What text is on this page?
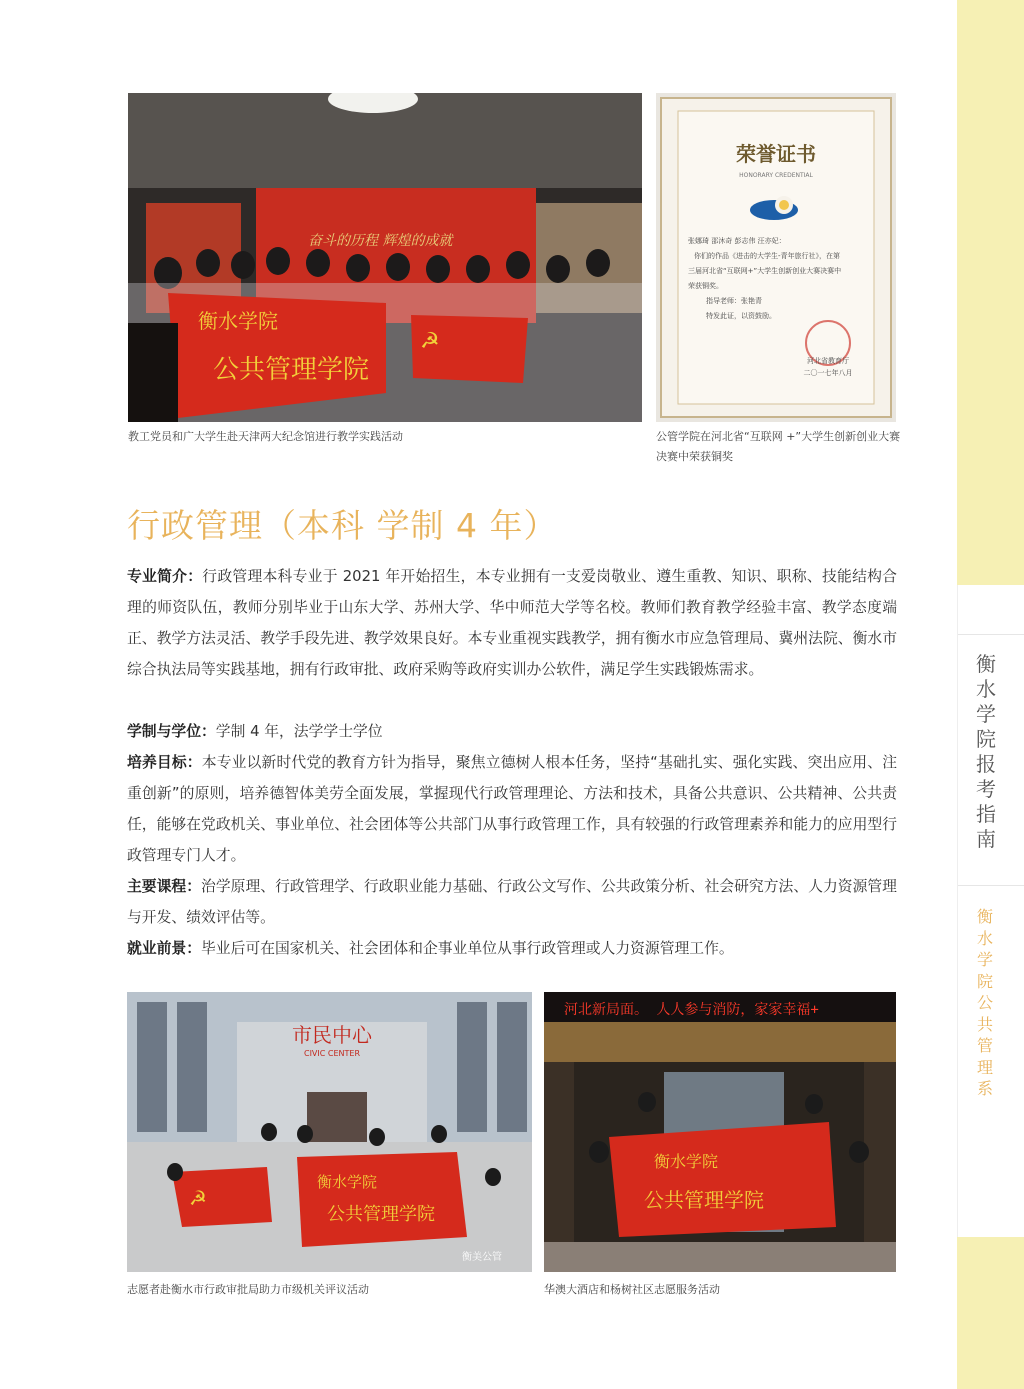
衡水学院 报考指南
衡水学院公共管理系
奋斗的历程 辉煌的成就
衡水学院
公共管理学院
☭
教工党员和广大学生赴天津两大纪念馆进行教学实践活动
荣誉证书
HONORARY CREDENTIAL
张娜琦 邵沐奇 彭志伟 汪亦妃：
你们的作品《进击的大学生-青年旅行社》，在第
三届河北省“互联网+”大学生创新创业大赛决赛中
荣获铜奖。
指导老师：张艳青
特发此证，以资鼓励。
河北省教育厅
二〇一七年八月
公管学院在河北省“互联网 +”大学生创新创业大赛决赛中荣获铜奖
行政管理（本科 学制 4 年）
专业简介：行政管理本科专业于 2021 年开始招生，本专业拥有一支爱岗敬业、遵生重教、知识、职称、技能结构合理的师资队伍，教师分别毕业于山东大学、苏州大学、华中师范大学等名校。教师们教育教学经验丰富、教学态度端正、教学方法灵活、教学手段先进、教学效果良好。本专业重视实践教学，拥有衡水市应急管理局、冀州法院、衡水市综合执法局等实践基地，拥有行政审批、政府采购等政府实训办公软件，满足学生实践锻炼需求。
学制与学位：学制 4 年，法学学士学位
培养目标：本专业以新时代党的教育方针为指导，聚焦立德树人根本任务，坚持“基础扎实、强化实践、突出应用、注重创新”的原则，培养德智体美劳全面发展，掌握现代行政管理理论、方法和技术，具备公共意识、公共精神、公共责任，能够在党政机关、事业单位、社会团体等公共部门从事行政管理工作，具有较强的行政管理素养和能力的应用型行政管理专门人才。
主要课程：治学原理、行政管理学、行政职业能力基础、行政公文写作、公共政策分析、社会研究方法、人力资源管理与开发、绩效评估等。
就业前景：毕业后可在国家机关、社会团体和企事业单位从事行政管理或人力资源管理工作。
市民中心
CIVIC CENTER
☭
衡水学院
公共管理学院
衡美公管
志愿者赴衡水市行政审批局助力市级机关评议活动
河北新局面。 人人参与消防，家家幸福+
衡水学院
公共管理学院
华澳大酒店和杨树社区志愿服务活动
